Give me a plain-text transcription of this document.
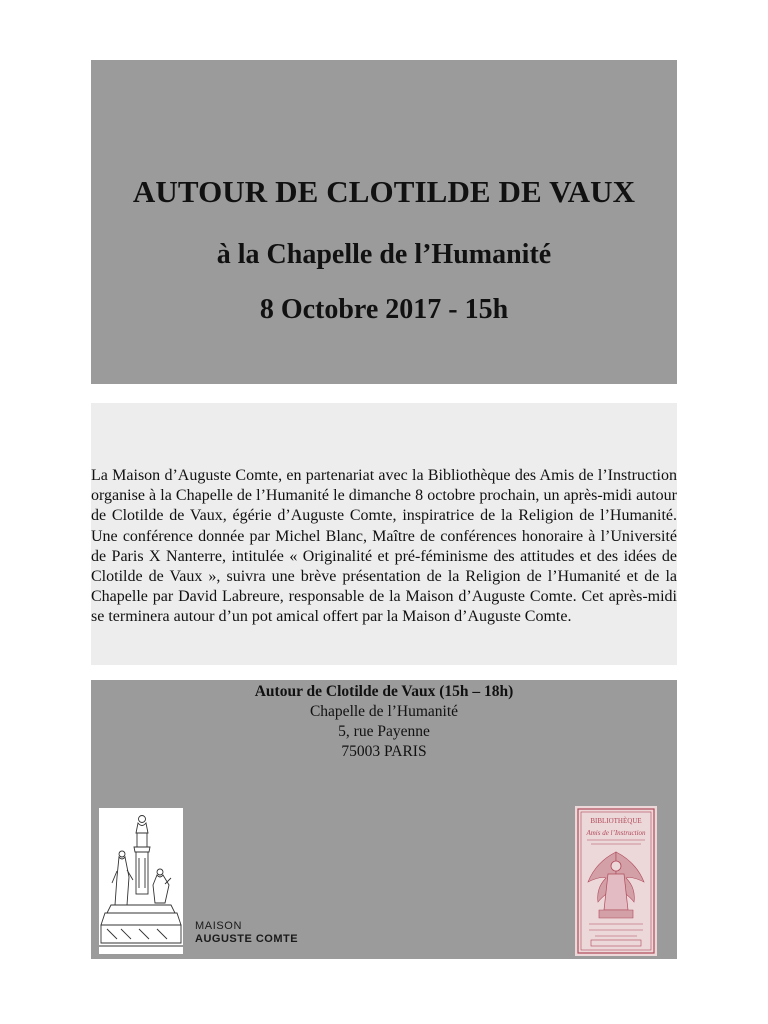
AUTOUR DE CLOTILDE DE VAUX
à la Chapelle de l’Humanité
8 Octobre 2017 - 15h
La Maison d’Auguste Comte, en partenariat avec la Bibliothèque des Amis de l’Instruction organise à la Chapelle de l’Humanité le dimanche 8 octobre prochain, un après-midi autour de Clotilde de Vaux, égérie d’Auguste Comte, inspiratrice de la Religion de l’Humanité. Une conférence donnée par Michel Blanc, Maître de conférences honoraire à l’Université de Paris X Nanterre, intitulée « Originalité et pré-féminisme des attitudes et des idées de Clotilde de Vaux », suivra une brève présentation de la Religion de l’Humanité et de la Chapelle par David Labreure, responsable de la Maison d’Auguste Comte. Cet après-midi se terminera autour d’un pot amical offert par la Maison d’Auguste Comte.
Autour de Clotilde de Vaux (15h – 18h)
Chapelle de l’Humanité
5, rue Payenne
75003 PARIS
MAISON
AUGUSTE COMTE
BIBLIOTHÈQUE
Amis de l’Instruction
